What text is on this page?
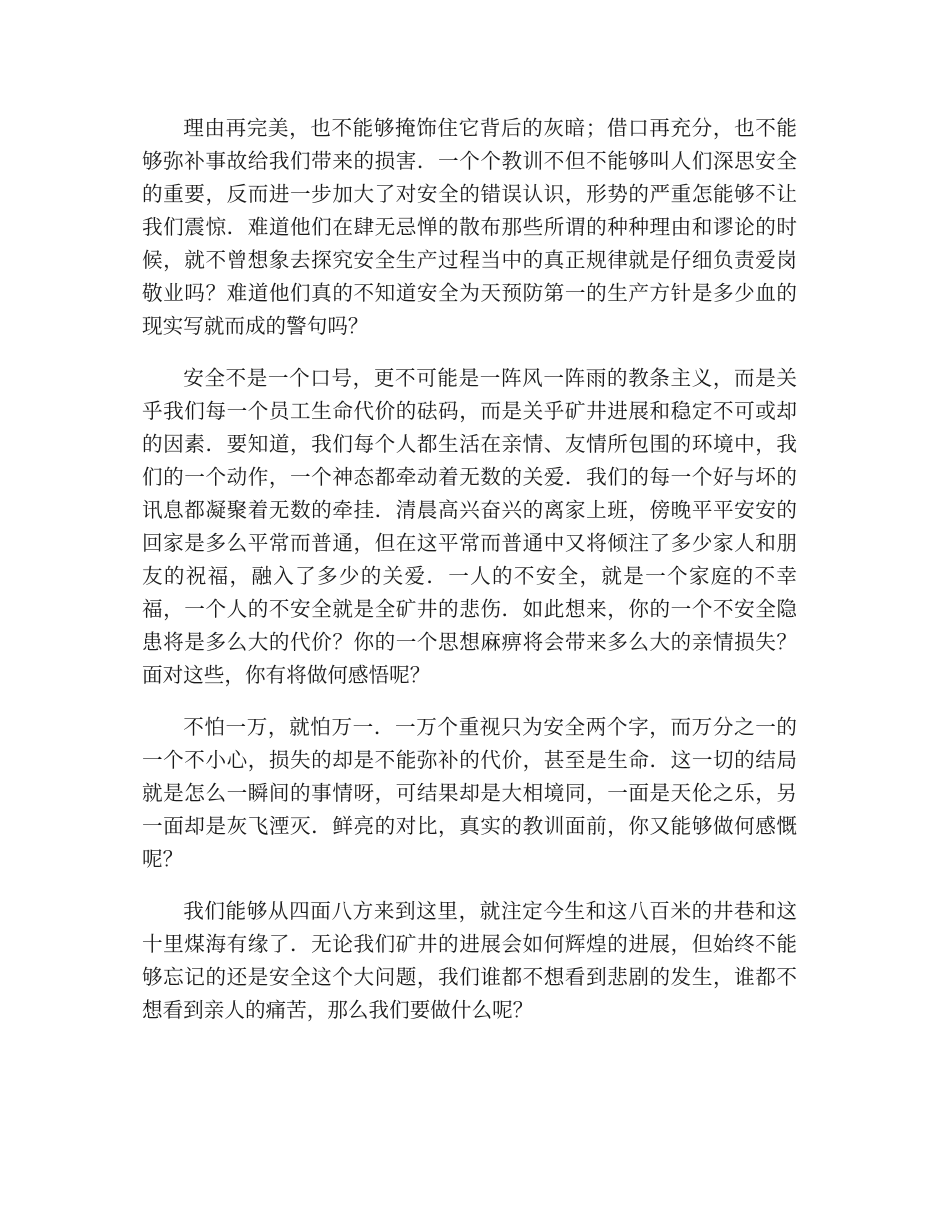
理由再完美，也不能够掩饰住它背后的灰暗；借口再充分，也不能够弥补事故给我们带来的损害．一个个教训不但不能够叫人们深思安全的重要，反而进一步加大了对安全的错误认识，形势的严重怎能够不让我们震惊．难道他们在肆无忌惮的散布那些所谓的种种理由和谬论的时候，就不曾想象去探究安全生产过程当中的真正规律就是仔细负责爱岗敬业吗？难道他们真的不知道安全为天预防第一的生产方针是多少血的现实写就而成的警句吗？

安全不是一个口号，更不可能是一阵风一阵雨的教条主义，而是关乎我们每一个员工生命代价的砝码，而是关乎矿井进展和稳定不可或却的因素．要知道，我们每个人都生活在亲情、友情所包围的环境中，我们的一个动作，一个神态都牵动着无数的关爱．我们的每一个好与坏的讯息都凝聚着无数的牵挂．清晨高兴奋兴的离家上班，傍晚平平安安的回家是多么平常而普通，但在这平常而普通中又将倾注了多少家人和朋友的祝福，融入了多少的关爱．一人的不安全，就是一个家庭的不幸福，一个人的不安全就是全矿井的悲伤．如此想来，你的一个不安全隐患将是多么大的代价？你的一个思想麻痹将会带来多么大的亲情损失？面对这些，你有将做何感悟呢？

不怕一万，就怕万一．一万个重视只为安全两个字，而万分之一的一个不小心，损失的却是不能弥补的代价，甚至是生命．这一切的结局就是怎么一瞬间的事情呀，可结果却是大相境同，一面是天伦之乐，另一面却是灰飞湮灭．鲜亮的对比，真实的教训面前，你又能够做何感慨呢？

我们能够从四面八方来到这里，就注定今生和这八百米的井巷和这十里煤海有缘了．无论我们矿井的进展会如何辉煌的进展，但始终不能够忘记的还是安全这个大问题，我们谁都不想看到悲剧的发生，谁都不想看到亲人的痛苦，那么我们要做什么呢？
